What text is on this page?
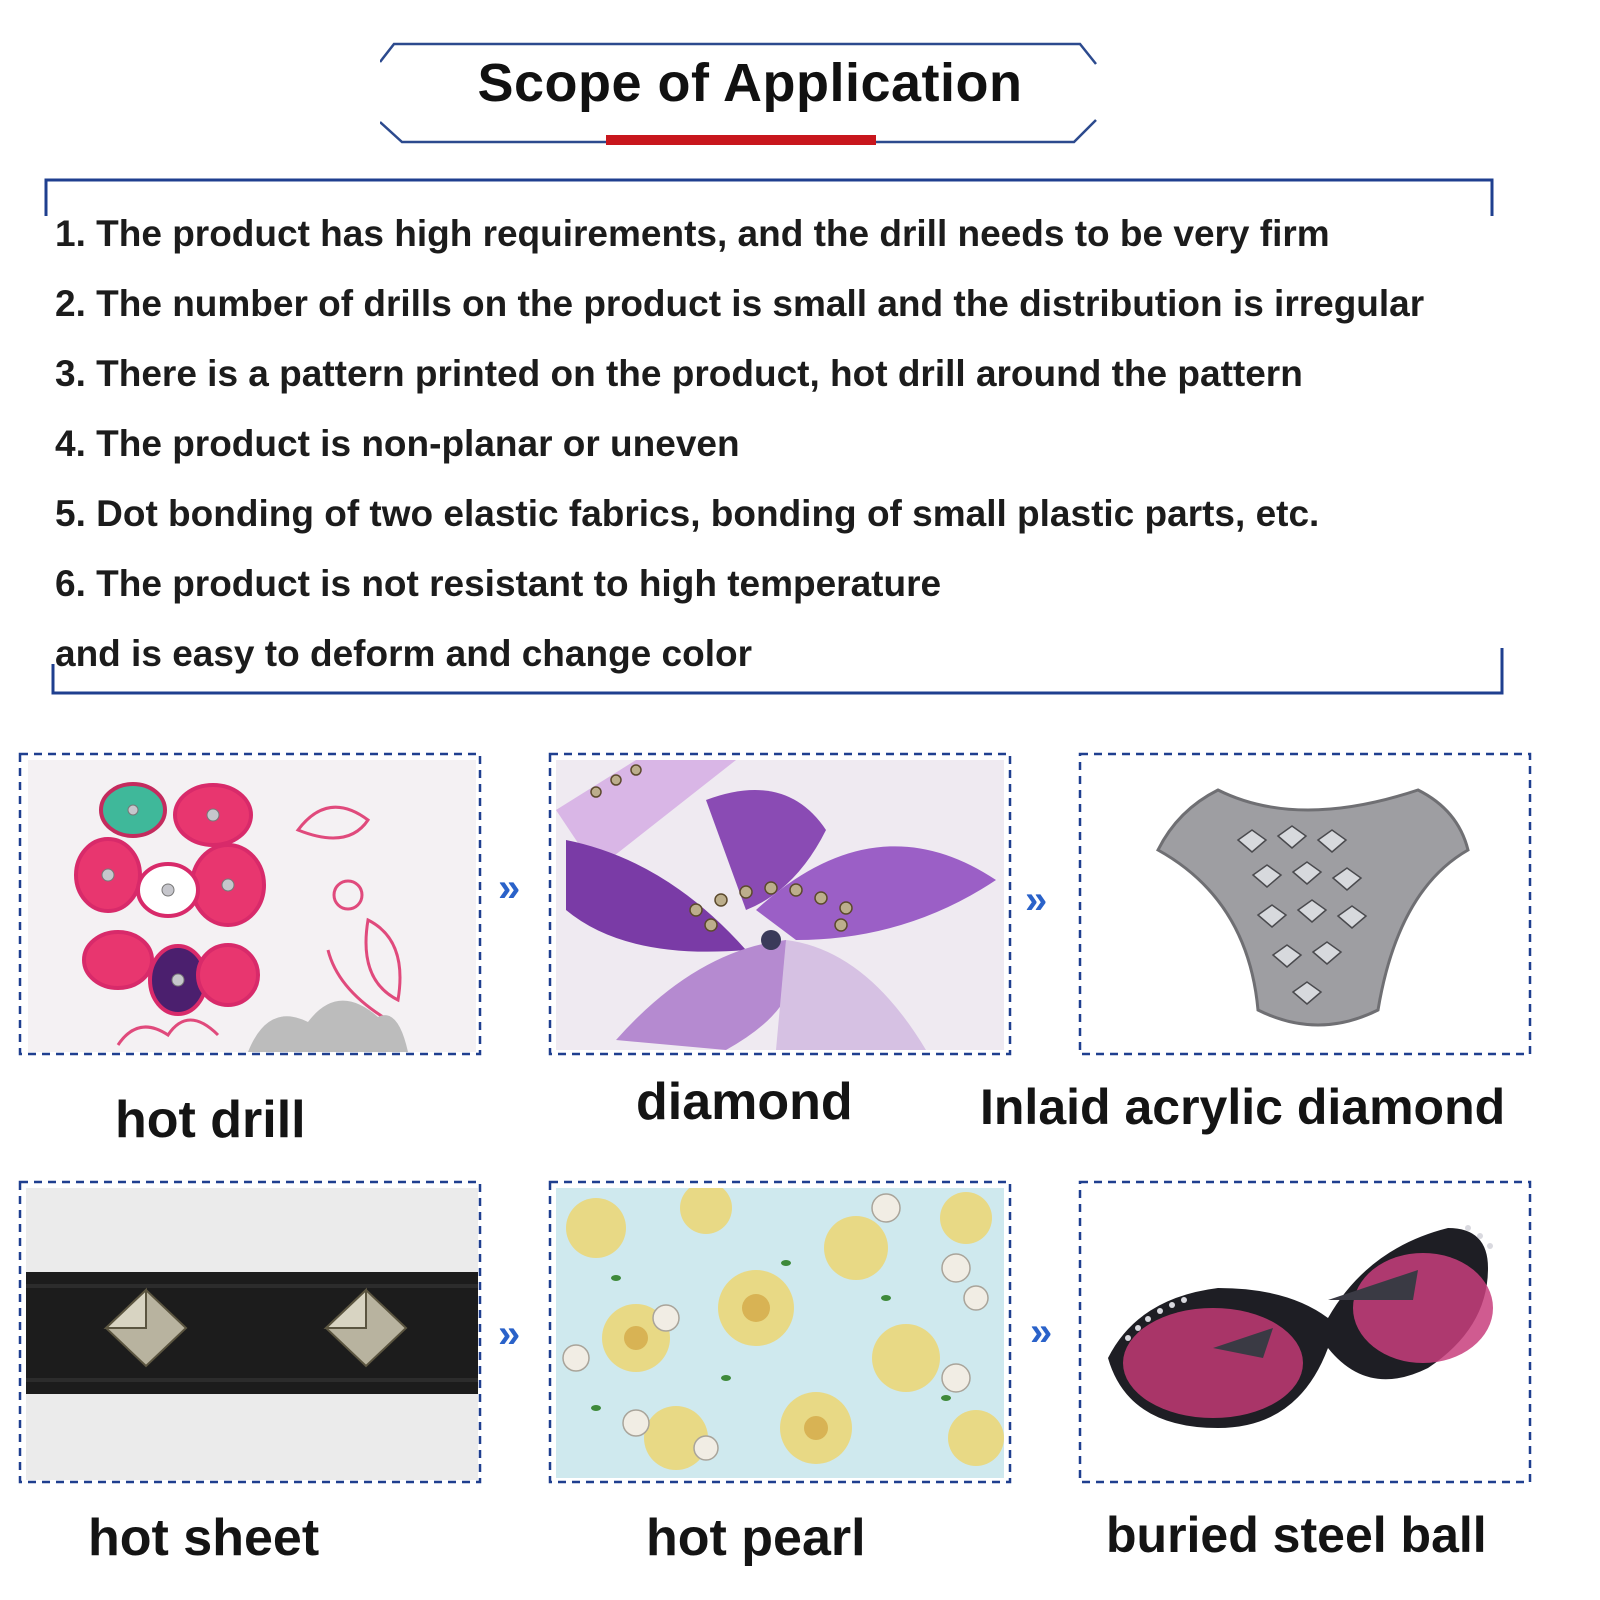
Scope of Application
1. The product has high requirements, and the drill needs to be very firm
2. The number of drills on the product is small and the distribution is irregular
3. There is a pattern printed on the product, hot drill around the pattern
4. The product is non-planar or uneven
5. Dot bonding of two elastic fabrics, bonding of small plastic parts, etc.
6. The product is not resistant to high temperature
and is easy to deform and change color
»	»
hot drill	diamond	Inlaid acrylic diamond
»	»
hot sheet	hot pearl	buried steel ball
